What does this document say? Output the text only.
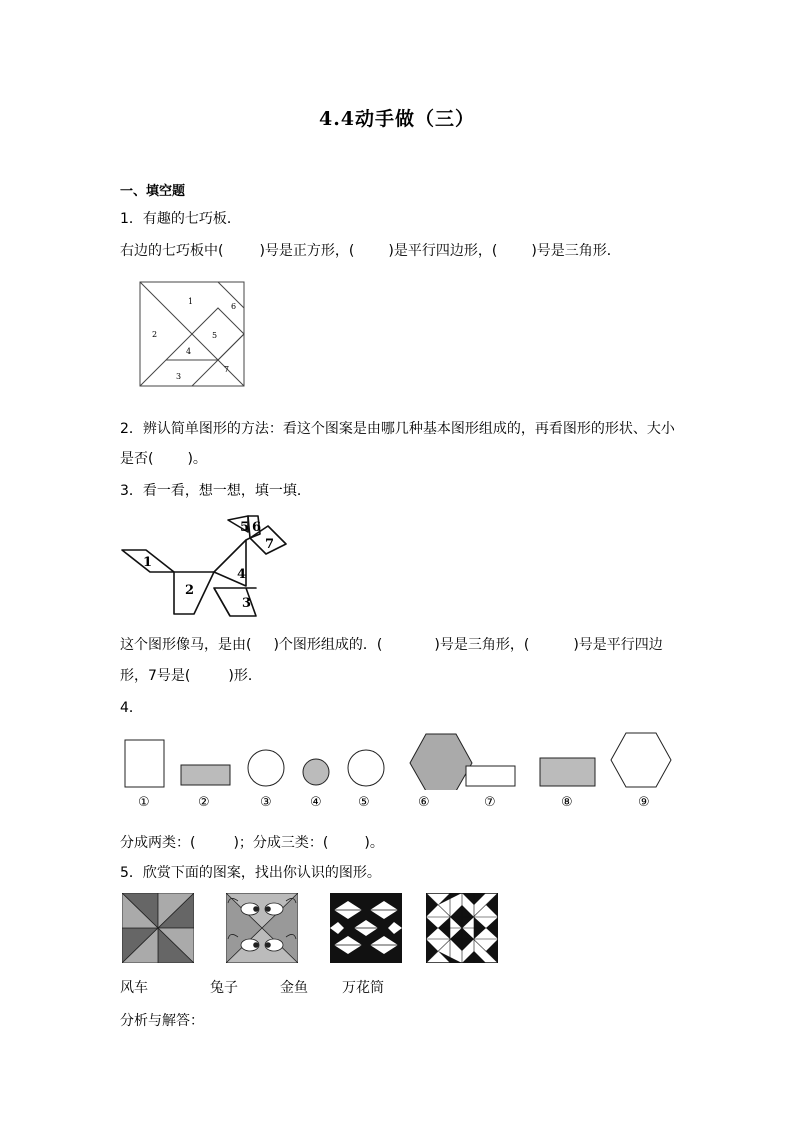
4.4动手做（三）
一、填空题
1．有趣的七巧板．
右边的七巧板中(	)号是正方形，( )是平行四边形，( )号是三角形．
1
2
3
4
5
6
7
2．辨认简单图形的方法：看这个图案是由哪几种基本图形组成的，再看图形的形状、大小
是否( )。
3．看一看，想一想，填一填．
1
2
3
4
5 6
7
这个图形像马，是由( )个图形组成的．(	)号是三角形，(	)号是平行四边
形，7号是(	)形．
4．
①	②	③	④	⑤	⑥	⑦	⑧	⑨
分成两类：(	)；分成三类：(	)。
5．欣赏下面的图案，找出你认识的图形。
风车	兔子	金鱼 万花筒
分析与解答：
